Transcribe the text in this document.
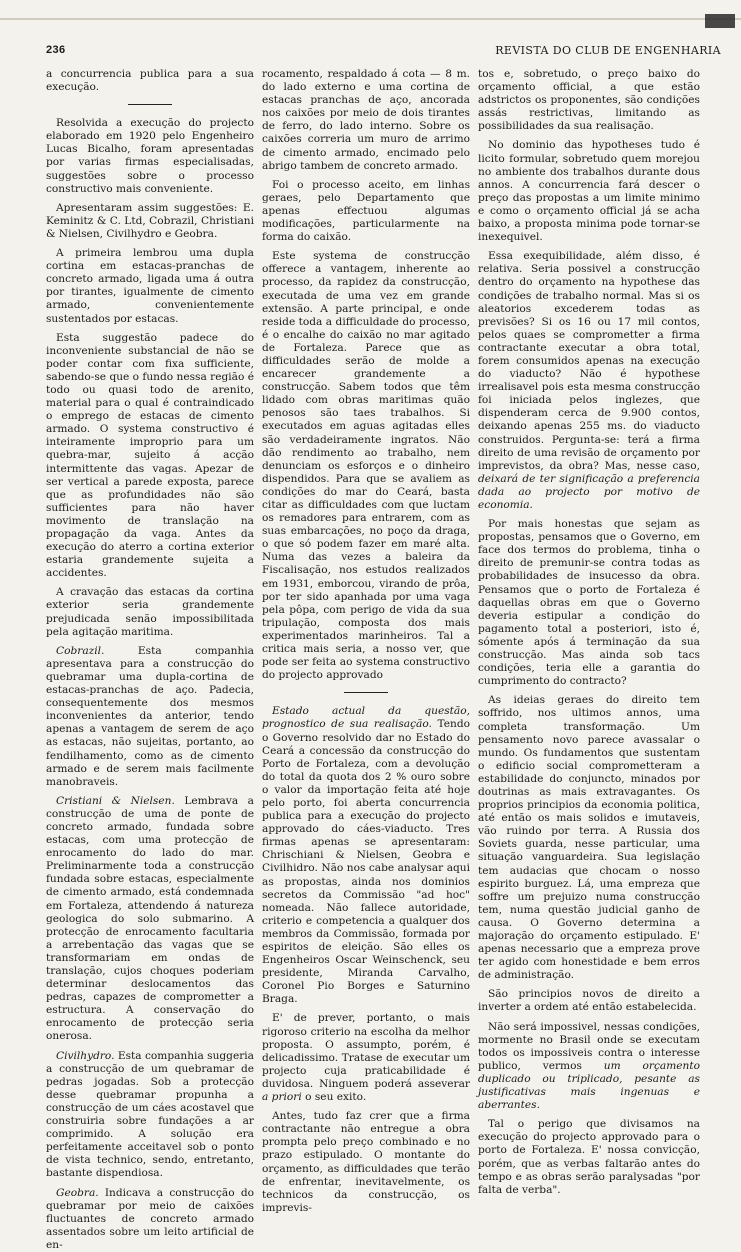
236	REVISTA DO CLUB DE ENGENHARIA

a concurrencia publica para a sua execução.

Resolvida a execução do projecto elaborado em 1920 pelo Engenheiro Lucas Bicalho, foram apresentadas por varias firmas especialisadas, suggestões sobre o processo constructivo mais conveniente.

Apresentaram assim suggestões: E. Keminitz & C. Ltd, Cobrazil, Christiani & Nielsen, Civilhydro e Geobra.

A primeira lembrou uma dupla cortina em estacas-pranchas de concreto armado, ligada uma á outra por tirantes, igualmente de cimento armado, convenientemente sustentados por estacas.

Esta suggestão padece do inconveniente substancial de não se poder contar com fixa sufficiente, sabendo-se que o fundo nessa região é todo ou quasi todo de arenito, material para o qual é contraindicado o emprego de estacas de cimento armado. O systema constructivo é inteiramente improprio para um quebra-mar, sujeito á acção intermittente das vagas. Apezar de ser vertical a parede exposta, parece que as profundidades não são sufficientes para não haver movimento de translação na propagação da vaga. Antes da execução do aterro a cortina exterior estaria grandemente sujeita a accidentes.

A cravação das estacas da cortina exterior seria grandemente prejudicada senão impossibilitada pela agitação maritima.

Cobrazil. Esta companhia apresentava para a construcção do quebramar uma dupla-cortina de estacas-pranchas de aço. Padecia, consequentemente dos mesmos inconvenientes da anterior, tendo apenas a vantagem de serem de aço as estacas, não sujeitas, portanto, ao fendilhamento, como as de cimento armado e de serem mais facilmente manobraveis.

Cristiani & Nielsen. Lembrava a construcção de uma de ponte de concreto armado, fundada sobre estacas, com uma protecção de enrocamento do lado do mar. Preliminarmente toda a construcção fundada sobre estacas, especialmente de cimento armado, está condemnada em Fortaleza, attendendo á natureza geologica do solo submarino. A protecção de enrocamento facultaria a arrebentação das vagas que se transformariam em ondas de translação, cujos choques poderiam determinar deslocamentos das pedras, capazes de comprometter a estructura. A conservação do enrocamento de protecção seria onerosa.

Civilhydro. Esta companhia suggeria a construcção de um quebramar de pedras jogadas. Sob a protecção desse quebramar propunha a construcção de um cáes acostavel que construiria sobre fundações a ar comprimido. A solução era perfeitamente acceitavel sob o ponto de vista technico, sendo, entretanto, bastante dispendiosa.

Geobra. Indicava a construcção do quebramar por meio de caixões fluctuantes de concreto armado assentados sobre um leito artificial de en-

rocamento, respaldado á cota — 8 m. do lado externo e uma cortina de estacas pranchas de aço, ancorada nos caixões por meio de dois tirantes de ferro, do lado interno. Sobre os caixões correria um muro de arrimo de cimento armado, encimado pelo abrigo tambem de concreto armado.

Foi o processo aceito, em linhas geraes, pelo Departamento que apenas effectuou algumas modificações, particularmente na forma do caixão.

Este systema de construcção offerece a vantagem, inherente ao processo, da rapidez da construcção, executada de uma vez em grande extensão. A parte principal, e onde reside toda a difficuldade do processo, é o encalhe do caixão no mar agitado de Fortaleza. Parece que as difficuldades serão de molde a encarecer grandemente a construcção. Sabem todos que têm lidado com obras maritimas quão penosos são taes trabalhos. Si executados em aguas agitadas elles são verdadeiramente ingratos. Não dão rendimento ao trabalho, nem denunciam os esforços e o dinheiro dispendidos. Para que se avaliem as condições do mar do Ceará, basta citar as difficuldades com que luctam os remadores para entrarem, com as suas embarcações, no poço da draga, o que só podem fazer em maré alta. Numa das vezes a baleira da Fiscalisação, nos estudos realizados em 1931, emborcou, virando de prôa, por ter sido apanhada por uma vaga pela pôpa, com perigo de vida da sua tripulação, composta dos mais experimentados marinheiros. Tal a critica mais seria, a nosso ver, que pode ser feita ao systema constructivo do projecto approvado

Estado actual da questão, prognostico de sua realisação. Tendo o Governo resolvido dar no Estado do Ceará a concessão da construcção do Porto de Fortaleza, com a devolução do total da quota dos 2 % ouro sobre o valor da importação feita até hoje pelo porto, foi aberta concurrencia publica para a execução do projecto approvado do cáes-viaducto. Tres firmas apenas se apresentaram: Chrischiani & Nielsen, Geobra e Civilhidro. Não nos cabe analysar aqui as propostas, ainda nos dominios secretos da Commissão "ad hoc" nomeada. Não fallece autoridade, criterio e competencia a qualquer dos membros da Commissão, formada por espiritos de eleição. São elles os Engenheiros Oscar Weinschenck, seu presidente, Miranda Carvalho, Coronel Pio Borges e Saturnino Braga.

E' de prever, portanto, o mais rigoroso criterio na escolha da melhor proposta. O assumpto, porém, é delicadissimo. Tratase de executar um projecto cuja praticabilidade é duvidosa. Ninguem poderá asseverar a priori o seu exito.

Antes, tudo faz crer que a firma contractante não entregue a obra prompta pelo preço combinado e no prazo estipulado. O montante do orçamento, as difficuldades que terão de enfrentar, inevitavelmente, os technicos da construcção, os imprevis-

tos e, sobretudo, o preço baixo do orçamento official, a que estão adstrictos os proponentes, são condições assás restrictivas, limitando as possibilidades da sua realisação.

No dominio das hypotheses tudo é licito formular, sobretudo quem morejou no ambiente dos trabalhos durante dous annos. A concurrencia fará descer o preço das propostas a um limite minimo e como o orçamento official já se acha baixo, a proposta minima pode tornar-se inexequivel.

Essa exequibilidade, além disso, é relativa. Seria possivel a construcção dentro do orçamento na hypothese das condições de trabalho normal. Mas si os aleatorios excederem todas as previsões? Si os 16 ou 17 mil contos, pelos quaes se comprometter a firma contractante executar a obra total, forem consumidos apenas na execução do viaducto? Não é hypothese irrealisavel pois esta mesma construcção foi iniciada pelos inglezes, que dispenderam cerca de 9.900 contos, deixando apenas 255 ms. do viaducto construidos. Pergunta-se: terá a firma direito de uma revisão de orçamento por imprevistos, da obra? Mas, nesse caso, deixará de ter significação a preferencia dada ao projecto por motivo de economia.

Por mais honestas que sejam as propostas, pensamos que o Governo, em face dos termos do problema, tinha o direito de premunir-se contra todas as probabilidades de insucesso da obra. Pensamos que o porto de Fortaleza é daquellas obras em que o Governo deveria estipular a condição do pagamento total a posteriori, isto é, sómente após á terminação da sua construcção. Mas ainda sob tacs condições, teria elle a garantia do cumprimento do contracto?

As ideias geraes do direito tem soffrido, nos ultimos annos, uma completa transformação. Um pensamento novo parece avassalar o mundo. Os fundamentos que sustentam o edificio social comprometteram a estabilidade do conjuncto, minados por doutrinas as mais extravagantes. Os proprios principios da economia politica, até então os mais solidos e imutaveis, vão ruindo por terra. A Russia dos Soviets guarda, nesse particular, uma situação vanguardeira. Sua legislação tem audacias que chocam o nosso espirito burguez. Lá, uma empreza que soffre um prejuizo numa construcção tem, numa questão judicial ganho de causa. O Governo determina a majoração do orçamento estipulado. E' apenas necessario que a empreza prove ter agido com honestidade e bem erros de administração.

São principios novos de direito a inverter a ordem até então estabelecida.

Não será impossivel, nessas condições, mormente no Brasil onde se executam todos os impossiveis contra o interesse publico, vermos um orçamento duplicado ou triplicado, pesante as justificativas mais ingenuas e aberrantes.

Tal o perigo que divisamos na execução do projecto approvado para o porto de Fortaleza. E' nossa convicção, porém, que as verbas faltarão antes do tempo e as obras serão paralysadas "por falta de verba".
